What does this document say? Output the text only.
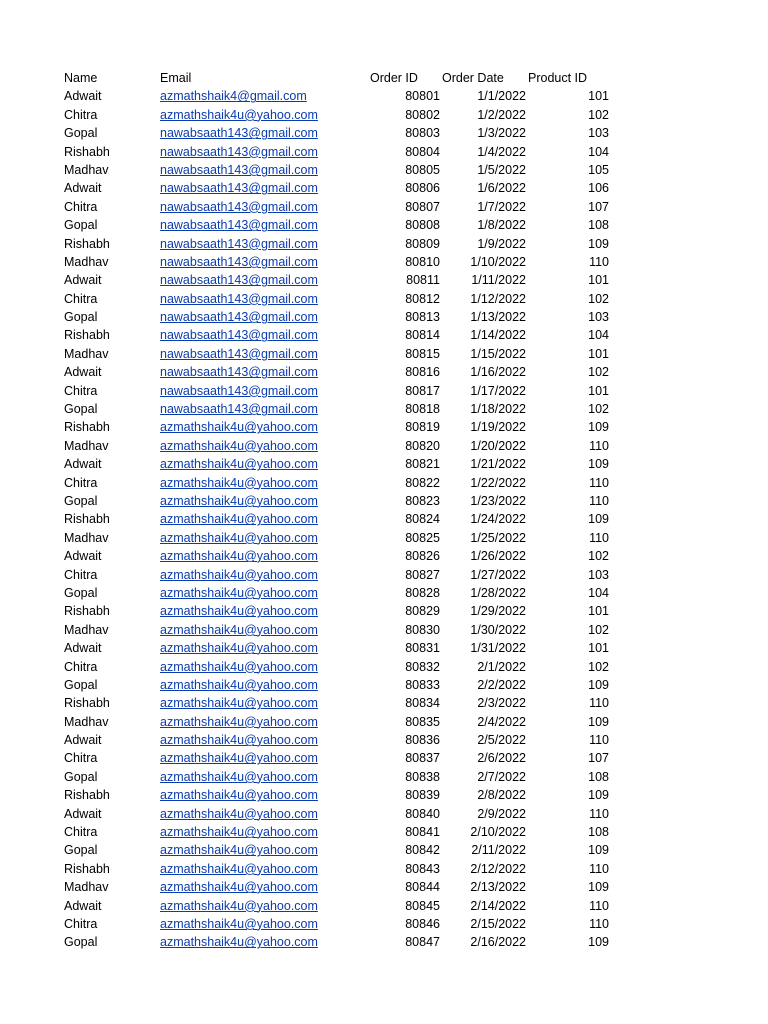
Name	Email	Order ID	Order Date	Product ID
Adwait	azmathshaik4@gmail.com	80801	1/1/2022	101
Chitra	azmathshaik4u@yahoo.com	80802	1/2/2022	102
Gopal	nawabsaath143@gmail.com	80803	1/3/2022	103
Rishabh	nawabsaath143@gmail.com	80804	1/4/2022	104
Madhav	nawabsaath143@gmail.com	80805	1/5/2022	105
Adwait	nawabsaath143@gmail.com	80806	1/6/2022	106
Chitra	nawabsaath143@gmail.com	80807	1/7/2022	107
Gopal	nawabsaath143@gmail.com	80808	1/8/2022	108
Rishabh	nawabsaath143@gmail.com	80809	1/9/2022	109
Madhav	nawabsaath143@gmail.com	80810	1/10/2022	110
Adwait	nawabsaath143@gmail.com	80811	1/11/2022	101
Chitra	nawabsaath143@gmail.com	80812	1/12/2022	102
Gopal	nawabsaath143@gmail.com	80813	1/13/2022	103
Rishabh	nawabsaath143@gmail.com	80814	1/14/2022	104
Madhav	nawabsaath143@gmail.com	80815	1/15/2022	101
Adwait	nawabsaath143@gmail.com	80816	1/16/2022	102
Chitra	nawabsaath143@gmail.com	80817	1/17/2022	101
Gopal	nawabsaath143@gmail.com	80818	1/18/2022	102
Rishabh	azmathshaik4u@yahoo.com	80819	1/19/2022	109
Madhav	azmathshaik4u@yahoo.com	80820	1/20/2022	110
Adwait	azmathshaik4u@yahoo.com	80821	1/21/2022	109
Chitra	azmathshaik4u@yahoo.com	80822	1/22/2022	110
Gopal	azmathshaik4u@yahoo.com	80823	1/23/2022	110
Rishabh	azmathshaik4u@yahoo.com	80824	1/24/2022	109
Madhav	azmathshaik4u@yahoo.com	80825	1/25/2022	110
Adwait	azmathshaik4u@yahoo.com	80826	1/26/2022	102
Chitra	azmathshaik4u@yahoo.com	80827	1/27/2022	103
Gopal	azmathshaik4u@yahoo.com	80828	1/28/2022	104
Rishabh	azmathshaik4u@yahoo.com	80829	1/29/2022	101
Madhav	azmathshaik4u@yahoo.com	80830	1/30/2022	102
Adwait	azmathshaik4u@yahoo.com	80831	1/31/2022	101
Chitra	azmathshaik4u@yahoo.com	80832	2/1/2022	102
Gopal	azmathshaik4u@yahoo.com	80833	2/2/2022	109
Rishabh	azmathshaik4u@yahoo.com	80834	2/3/2022	110
Madhav	azmathshaik4u@yahoo.com	80835	2/4/2022	109
Adwait	azmathshaik4u@yahoo.com	80836	2/5/2022	110
Chitra	azmathshaik4u@yahoo.com	80837	2/6/2022	107
Gopal	azmathshaik4u@yahoo.com	80838	2/7/2022	108
Rishabh	azmathshaik4u@yahoo.com	80839	2/8/2022	109
Adwait	azmathshaik4u@yahoo.com	80840	2/9/2022	110
Chitra	azmathshaik4u@yahoo.com	80841	2/10/2022	108
Gopal	azmathshaik4u@yahoo.com	80842	2/11/2022	109
Rishabh	azmathshaik4u@yahoo.com	80843	2/12/2022	110
Madhav	azmathshaik4u@yahoo.com	80844	2/13/2022	109
Adwait	azmathshaik4u@yahoo.com	80845	2/14/2022	110
Chitra	azmathshaik4u@yahoo.com	80846	2/15/2022	110
Gopal	azmathshaik4u@yahoo.com	80847	2/16/2022	109
